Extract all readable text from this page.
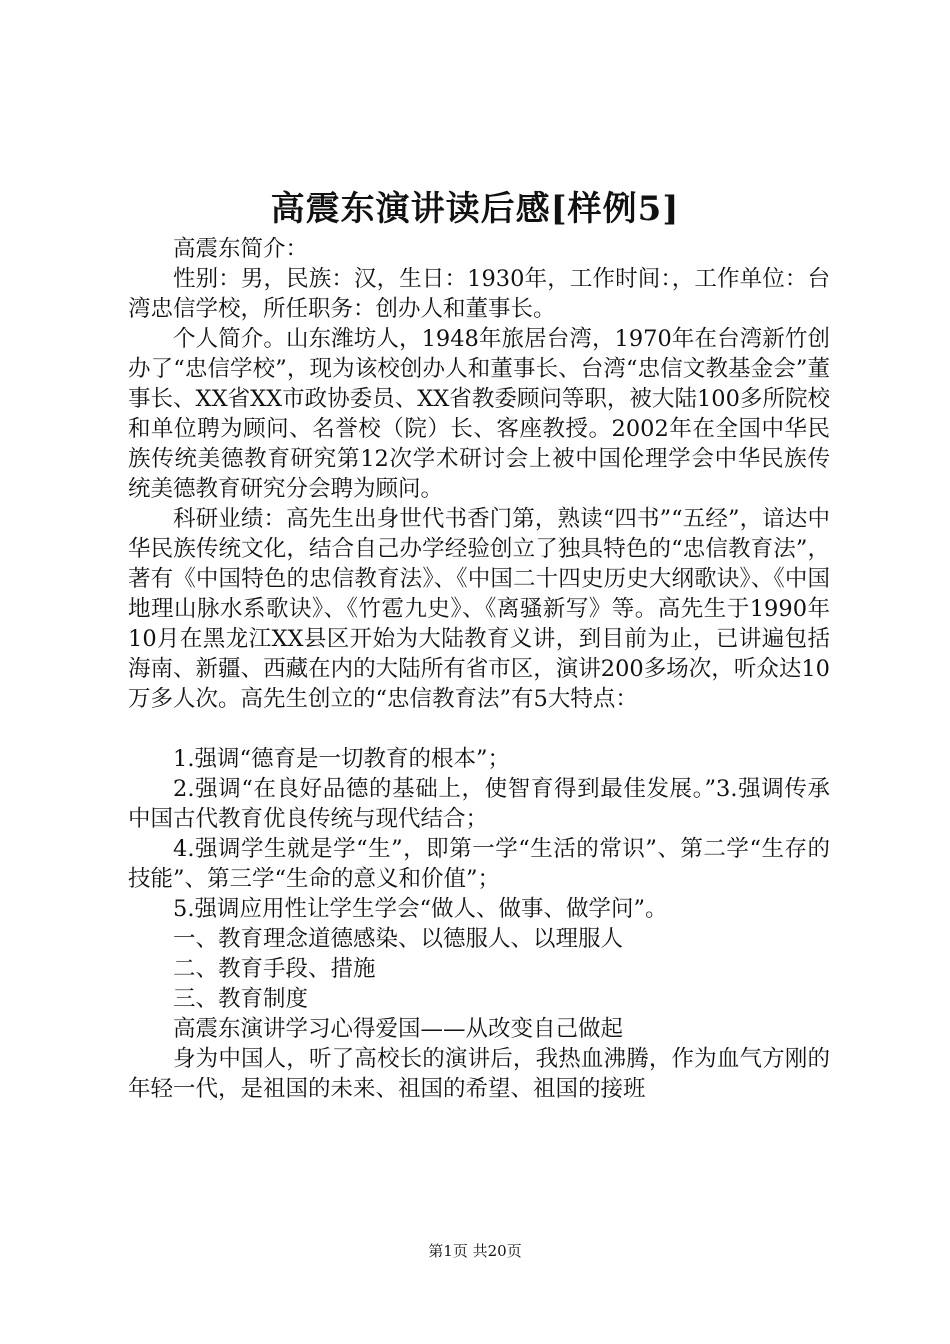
高震东演讲读后感[样例5]

高震东简介：

性别：男，民族：汉，生日：1930年，工作时间：，工作单位：台湾忠信学校，所任职务：创办人和董事长。

个人简介。山东潍坊人，1948年旅居台湾，1970年在台湾新竹创办了“忠信学校”，现为该校创办人和董事长、台湾“忠信文教基金会”董事长、XX省XX市政协委员、XX省教委顾问等职，被大陆100多所院校和单位聘为顾问、名誉校（院）长、客座教授。2002年在全国中华民族传统美德教育研究第12次学术研讨会上被中国伦理学会中华民族传统美德教育研究分会聘为顾问。

科研业绩：高先生出身世代书香门第，熟读“四书”“五经”，谙达中华民族传统文化，结合自己办学经验创立了独具特色的“忠信教育法”，著有《中国特色的忠信教育法》、《中国二十四史历史大纲歌诀》、《中国地理山脉水系歌诀》、《竹雹九史》、《离骚新写》等。高先生于1990年10月在黑龙江XX县区开始为大陆教育义讲，到目前为止，已讲遍包括海南、新疆、西藏在内的大陆所有省市区，演讲200多场次，听众达10万多人次。高先生创立的“忠信教育法”有5大特点：

1.强调“德育是一切教育的根本”；

2.强调“在良好品德的基础上，使智育得到最佳发展。”3.强调传承中国古代教育优良传统与现代结合；

4.强调学生就是学“生”，即第一学“生活的常识”、第二学“生存的技能”、第三学“生命的意义和价值”；

5.强调应用性让学生学会“做人、做事、做学问”。

一、教育理念道德感染、以德服人、以理服人

二、教育手段、措施

三、教育制度

高震东演讲学习心得爱国——从改变自己做起

身为中国人，听了高校长的演讲后，我热血沸腾，作为血气方刚的年轻一代，是祖国的未来、祖国的希望、祖国的接班

第1页 共20页
